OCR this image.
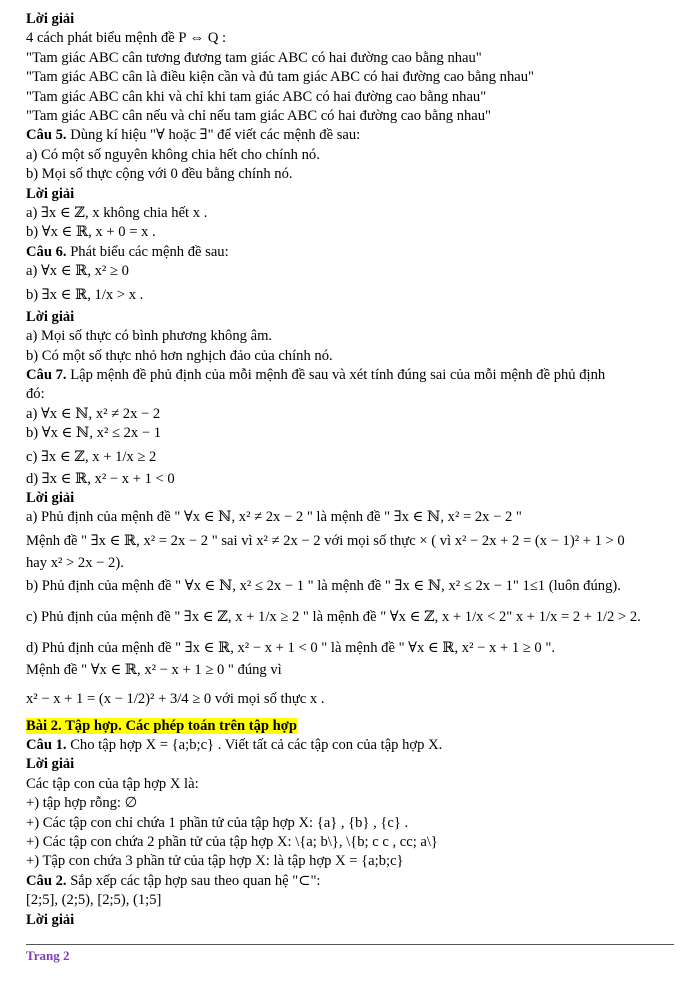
Lời giải
4 cách phát biểu mệnh đề P ⇔ Q :
"Tam giác ABC cân tương đương tam giác ABC có hai đường cao bằng nhau"
"Tam giác ABC cân là điều kiện cần và đủ tam giác ABC có hai đường cao bằng nhau"
"Tam giác ABC cân khi và chỉ khi tam giác ABC có hai đường cao bằng nhau"
"Tam giác ABC cân nếu và chỉ nếu tam giác ABC có hai đường cao bằng nhau"
Câu 5. Dùng kí hiệu "∀ hoặc ∃" để viết các mệnh đề sau:
a) Có một số nguyên không chia hết cho chính nó.
b) Mọi số thực cộng với 0 đều bằng chính nó.
Lời giải
a) ∃x ∈ ℤ, x không chia hết x .
b) ∀x ∈ ℝ, x + 0 = x .
Câu 6. Phát biểu các mệnh đề sau:
a) ∀x ∈ ℝ, x² ≥ 0
b) ∃x ∈ ℝ, 1/x > x .
Lời giải
a) Mọi số thực có bình phương không âm.
b) Có một số thực nhỏ hơn nghịch đảo của chính nó.
Câu 7. Lập mệnh đề phủ định của mỗi mệnh đề sau và xét tính đúng sai của mỗi mệnh đề phủ định
đó:
a) ∀x ∈ ℕ, x² ≠ 2x − 2
b) ∀x ∈ ℕ, x² ≤ 2x − 1
c) ∃x ∈ ℤ, x + 1/x ≥ 2
d) ∃x ∈ ℝ, x² − x + 1 < 0
Lời giải
a) Phủ định của mệnh đề " ∀x ∈ ℕ, x² ≠ 2x − 2 " là mệnh đề " ∃x ∈ ℕ, x² = 2x − 2 "
Mệnh đề " ∃x ∈ ℝ, x² = 2x − 2 " sai vì x² ≠ 2x − 2 với mọi số thực × ( vì x² − 2x + 2 = (x − 1)² + 1 > 0
hay x² > 2x − 2).
b) Phủ định của mệnh đề " ∀x ∈ ℕ, x² ≤ 2x − 1 " là mệnh đề " ∃x ∈ ℕ, x² ≤ 2x − 1" 1≤1 (luôn đúng).
c) Phủ định của mệnh đề " ∃x ∈ ℤ, x + 1/x ≥ 2 " là mệnh đề " ∀x ∈ ℤ, x + 1/x < 2" x + 1/x = 2 + 1/2 > 2.
d) Phủ định của mệnh đề " ∃x ∈ ℝ, x² − x + 1 < 0 " là mệnh đề " ∀x ∈ ℝ, x² − x + 1 ≥ 0 ".
Mệnh đề " ∀x ∈ ℝ, x² − x + 1 ≥ 0 " đúng vì
x² − x + 1 = (x − 1/2)² + 3/4 ≥ 0 với mọi số thực x .
Bài 2. Tập hợp. Các phép toán trên tập hợp
Câu 1. Cho tập hợp X = {a;b;c} . Viết tất cả các tập con của tập hợp X.
Lời giải
Các tập con của tập hợp X là:
+) tập hợp rỗng: ∅
+) Các tập con chỉ chứa 1 phần tử của tập hợp X: {a} , {b} , {c} .
+) Các tập con chứa 2 phần tử của tập hợp X: \{a; b\}, \{b; c c , cc; a\}
+) Tập con chứa 3 phần tử của tập hợp X: là tập hợp X = {a;b;c}
Câu 2. Sắp xếp các tập hợp sau theo quan hệ "⊂":
[2;5], (2;5), [2;5), (1;5]
Lời giải
Trang 2
